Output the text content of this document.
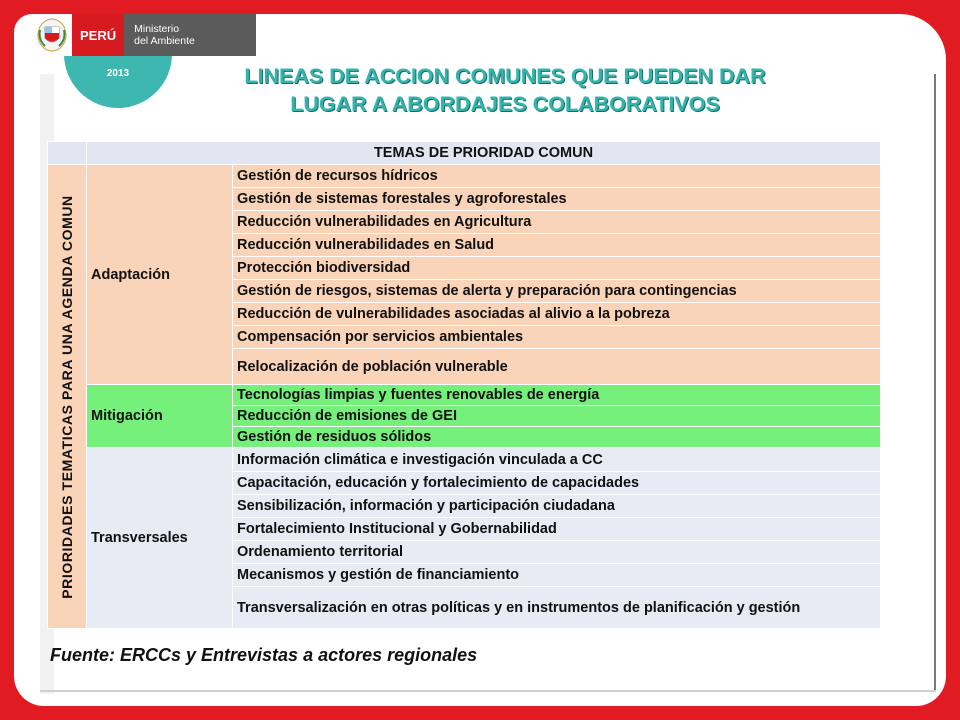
2013
PERÚ	Ministerio
del Ambiente
LINEAS DE ACCION COMUNES QUE PUEDEN DAR
LUGAR A ABORDAJES COLABORATIVOS
	TEMAS DE PRIORIDAD COMUN	

PRIORIDADES TEMATICAS PARA UNA AGENDA COMUN	Adaptación	Gestión de recursos hídricos
		Gestión de sistemas forestales y agroforestales
		Reducción vulnerabilidades en Agricultura
		Reducción vulnerabilidades en Salud
		Protección biodiversidad
		Gestión de riesgos, sistemas de alerta y preparación para contingencias
		Reducción de vulnerabilidades asociadas al alivio a la pobreza
		Compensación por servicios ambientales
		Relocalización de población vulnerable
	Mitigación	Tecnologías limpias y fuentes renovables de energía
		Reducción de emisiones de GEI
		Gestión de residuos sólidos
	Transversales	Información climática e investigación vinculada a CC
		Capacitación, educación y fortalecimiento de capacidades
		Sensibilización, información y participación ciudadana
		Fortalecimiento Institucional y Gobernabilidad
		Ordenamiento territorial
		Mecanismos y gestión de financiamiento
		Transversalización en otras políticas y en instrumentos de planificación y gestión
Fuente: ERCCs y Entrevistas a actores regionales
